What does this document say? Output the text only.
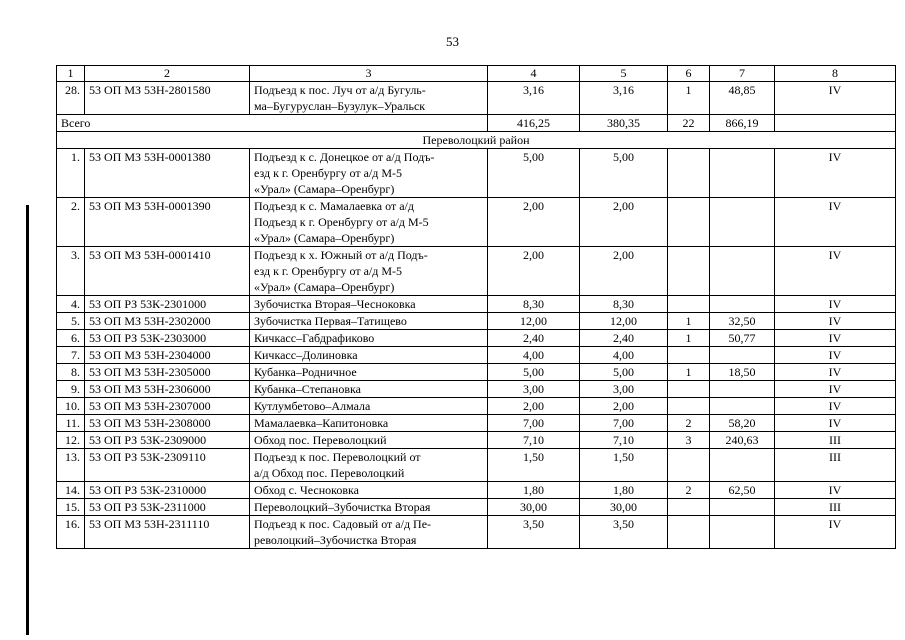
53
1	2	3	4	5	6	7	8
28.	53 ОП МЗ 53Н-2801580	Подъезд к пос. Луч от а/д Бугуль-
ма–Бугуруслан–Бузулук–Уральск	3,16	3,16	1	48,85	IV
Всего			416,25	380,35	22	866,19	
Переволоцкий район							
1.	53 ОП МЗ 53Н-0001380	Подъезд к с. Донецкое от а/д Подъ-
езд к г. Оренбургу от а/д М-5
«Урал» (Самара–Оренбург)	5,00	5,00			IV
2.	53 ОП МЗ 53Н-0001390	Подъезд к с. Мамалаевка от а/д
Подъезд к г. Оренбургу от а/д М-5
«Урал» (Самара–Оренбург)	2,00	2,00			IV
3.	53 ОП МЗ 53Н-0001410	Подъезд к х. Южный от а/д Подъ-
езд к г. Оренбургу от а/д М-5
«Урал» (Самара–Оренбург)	2,00	2,00			IV
4.	53 ОП РЗ 53К-2301000	Зубочистка Вторая–Чесноковка	8,30	8,30			IV
5.	53 ОП МЗ 53Н-2302000	Зубочистка Первая–Татищево	12,00	12,00	1	32,50	IV
6.	53 ОП РЗ 53К-2303000	Кичкасс–Габдрафиково	2,40	2,40	1	50,77	IV
7.	53 ОП МЗ 53Н-2304000	Кичкасс–Долиновка	4,00	4,00			IV
8.	53 ОП МЗ 53Н-2305000	Кубанка–Родничное	5,00	5,00	1	18,50	IV
9.	53 ОП МЗ 53Н-2306000	Кубанка–Степановка	3,00	3,00			IV
10.	53 ОП МЗ 53Н-2307000	Кутлумбетово–Алмала	2,00	2,00			IV
11.	53 ОП МЗ 53Н-2308000	Мамалаевка–Капитоновка	7,00	7,00	2	58,20	IV
12.	53 ОП РЗ 53К-2309000	Обход пос. Переволоцкий	7,10	7,10	3	240,63	III
13.	53 ОП РЗ 53К-2309110	Подъезд к пос. Переволоцкий от
а/д Обход пос. Переволоцкий	1,50	1,50			III
14.	53 ОП РЗ 53К-2310000	Обход с. Чесноковка	1,80	1,80	2	62,50	IV
15.	53 ОП РЗ 53К-2311000	Переволоцкий–Зубочистка Вторая	30,00	30,00			III
16.	53 ОП МЗ 53Н-2311110	Подъезд к пос. Садовый от а/д Пе-
револоцкий–Зубочистка Вторая	3,50	3,50			IV
